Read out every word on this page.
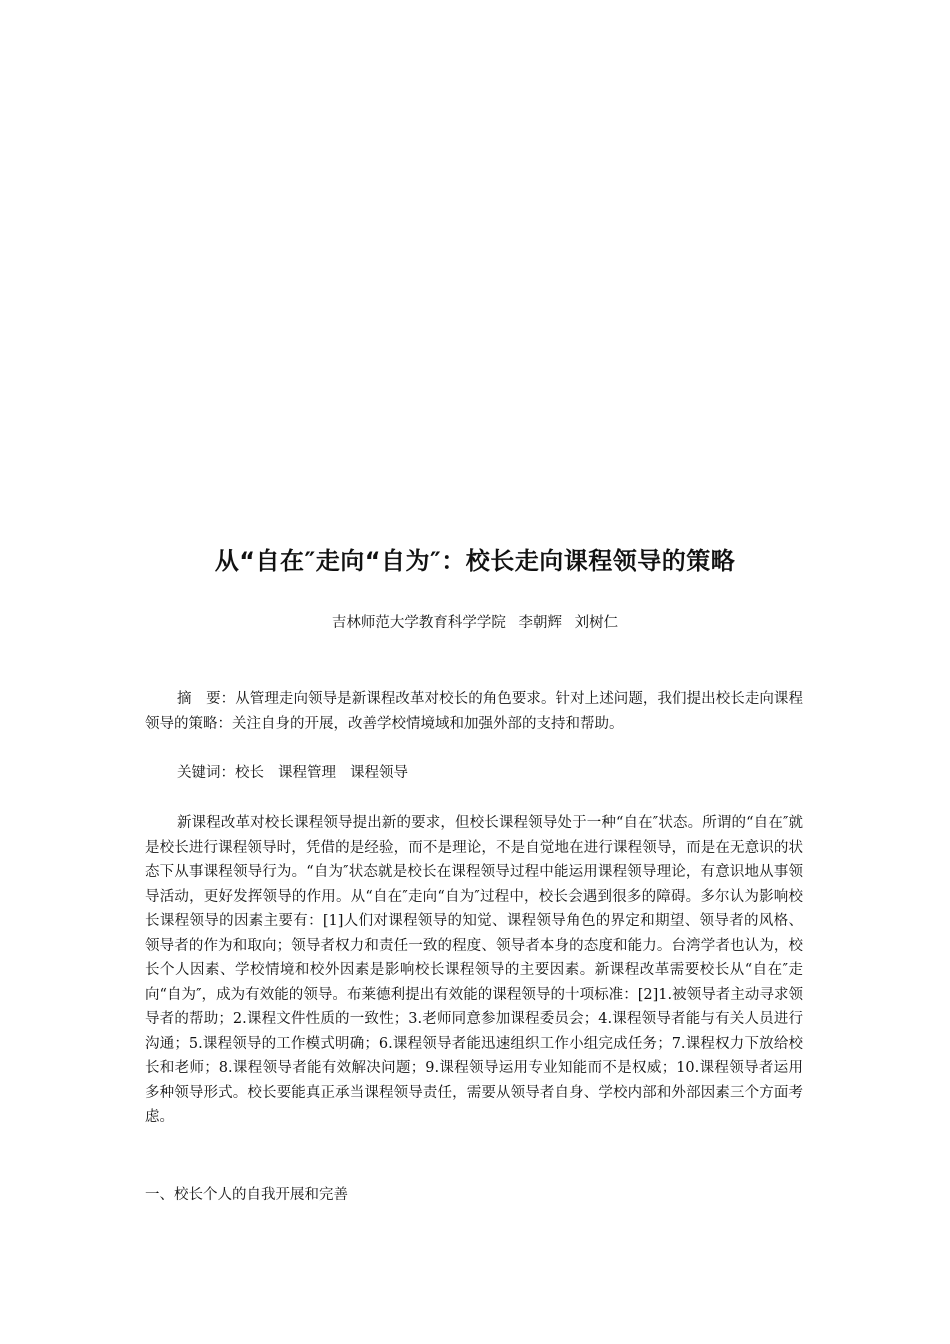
从“自在″走向“自为″：校长走向课程领导的策略
吉林师范大学教育科学学院 李朝辉 刘树仁

摘　要：从管理走向领导是新课程改革对校长的角色要求。针对上述问题，我们提出校长走向课程领导的策略：关注自身的开展，改善学校情境域和加强外部的支持和帮助。

关键词：校长 课程管理 课程领导

新课程改革对校长课程领导提出新的要求，但校长课程领导处于一种“自在″状态。所谓的“自在″就是校长进行课程领导时，凭借的是经验，而不是理论，不是自觉地在进行课程领导，而是在无意识的状态下从事课程领导行为。“自为″状态就是校长在课程领导过程中能运用课程领导理论，有意识地从事领导活动，更好发挥领导的作用。从“自在″走向“自为″过程中，校长会遇到很多的障碍。多尔认为影响校长课程领导的因素主要有：[1]人们对课程领导的知觉、课程领导角色的界定和期望、领导者的风格、领导者的作为和取向；领导者权力和责任一致的程度、领导者本身的态度和能力。台湾学者也认为，校长个人因素、学校情境和校外因素是影响校长课程领导的主要因素。新课程改革需要校长从“自在″走向“自为″，成为有效能的领导。布莱德利提出有效能的课程领导的十项标准：[2]1.被领导者主动寻求领导者的帮助；2.课程文件性质的一致性；3.老师同意参加课程委员会；4.课程领导者能与有关人员进行沟通；5.课程领导的工作模式明确；6.课程领导者能迅速组织工作小组完成任务；7.课程权力下放给校长和老师；8.课程领导者能有效解决问题；9.课程领导运用专业知能而不是权威；10.课程领导者运用多种领导形式。校长要能真正承当课程领导责任，需要从领导者自身、学校内部和外部因素三个方面考虑。

一、校长个人的自我开展和完善
